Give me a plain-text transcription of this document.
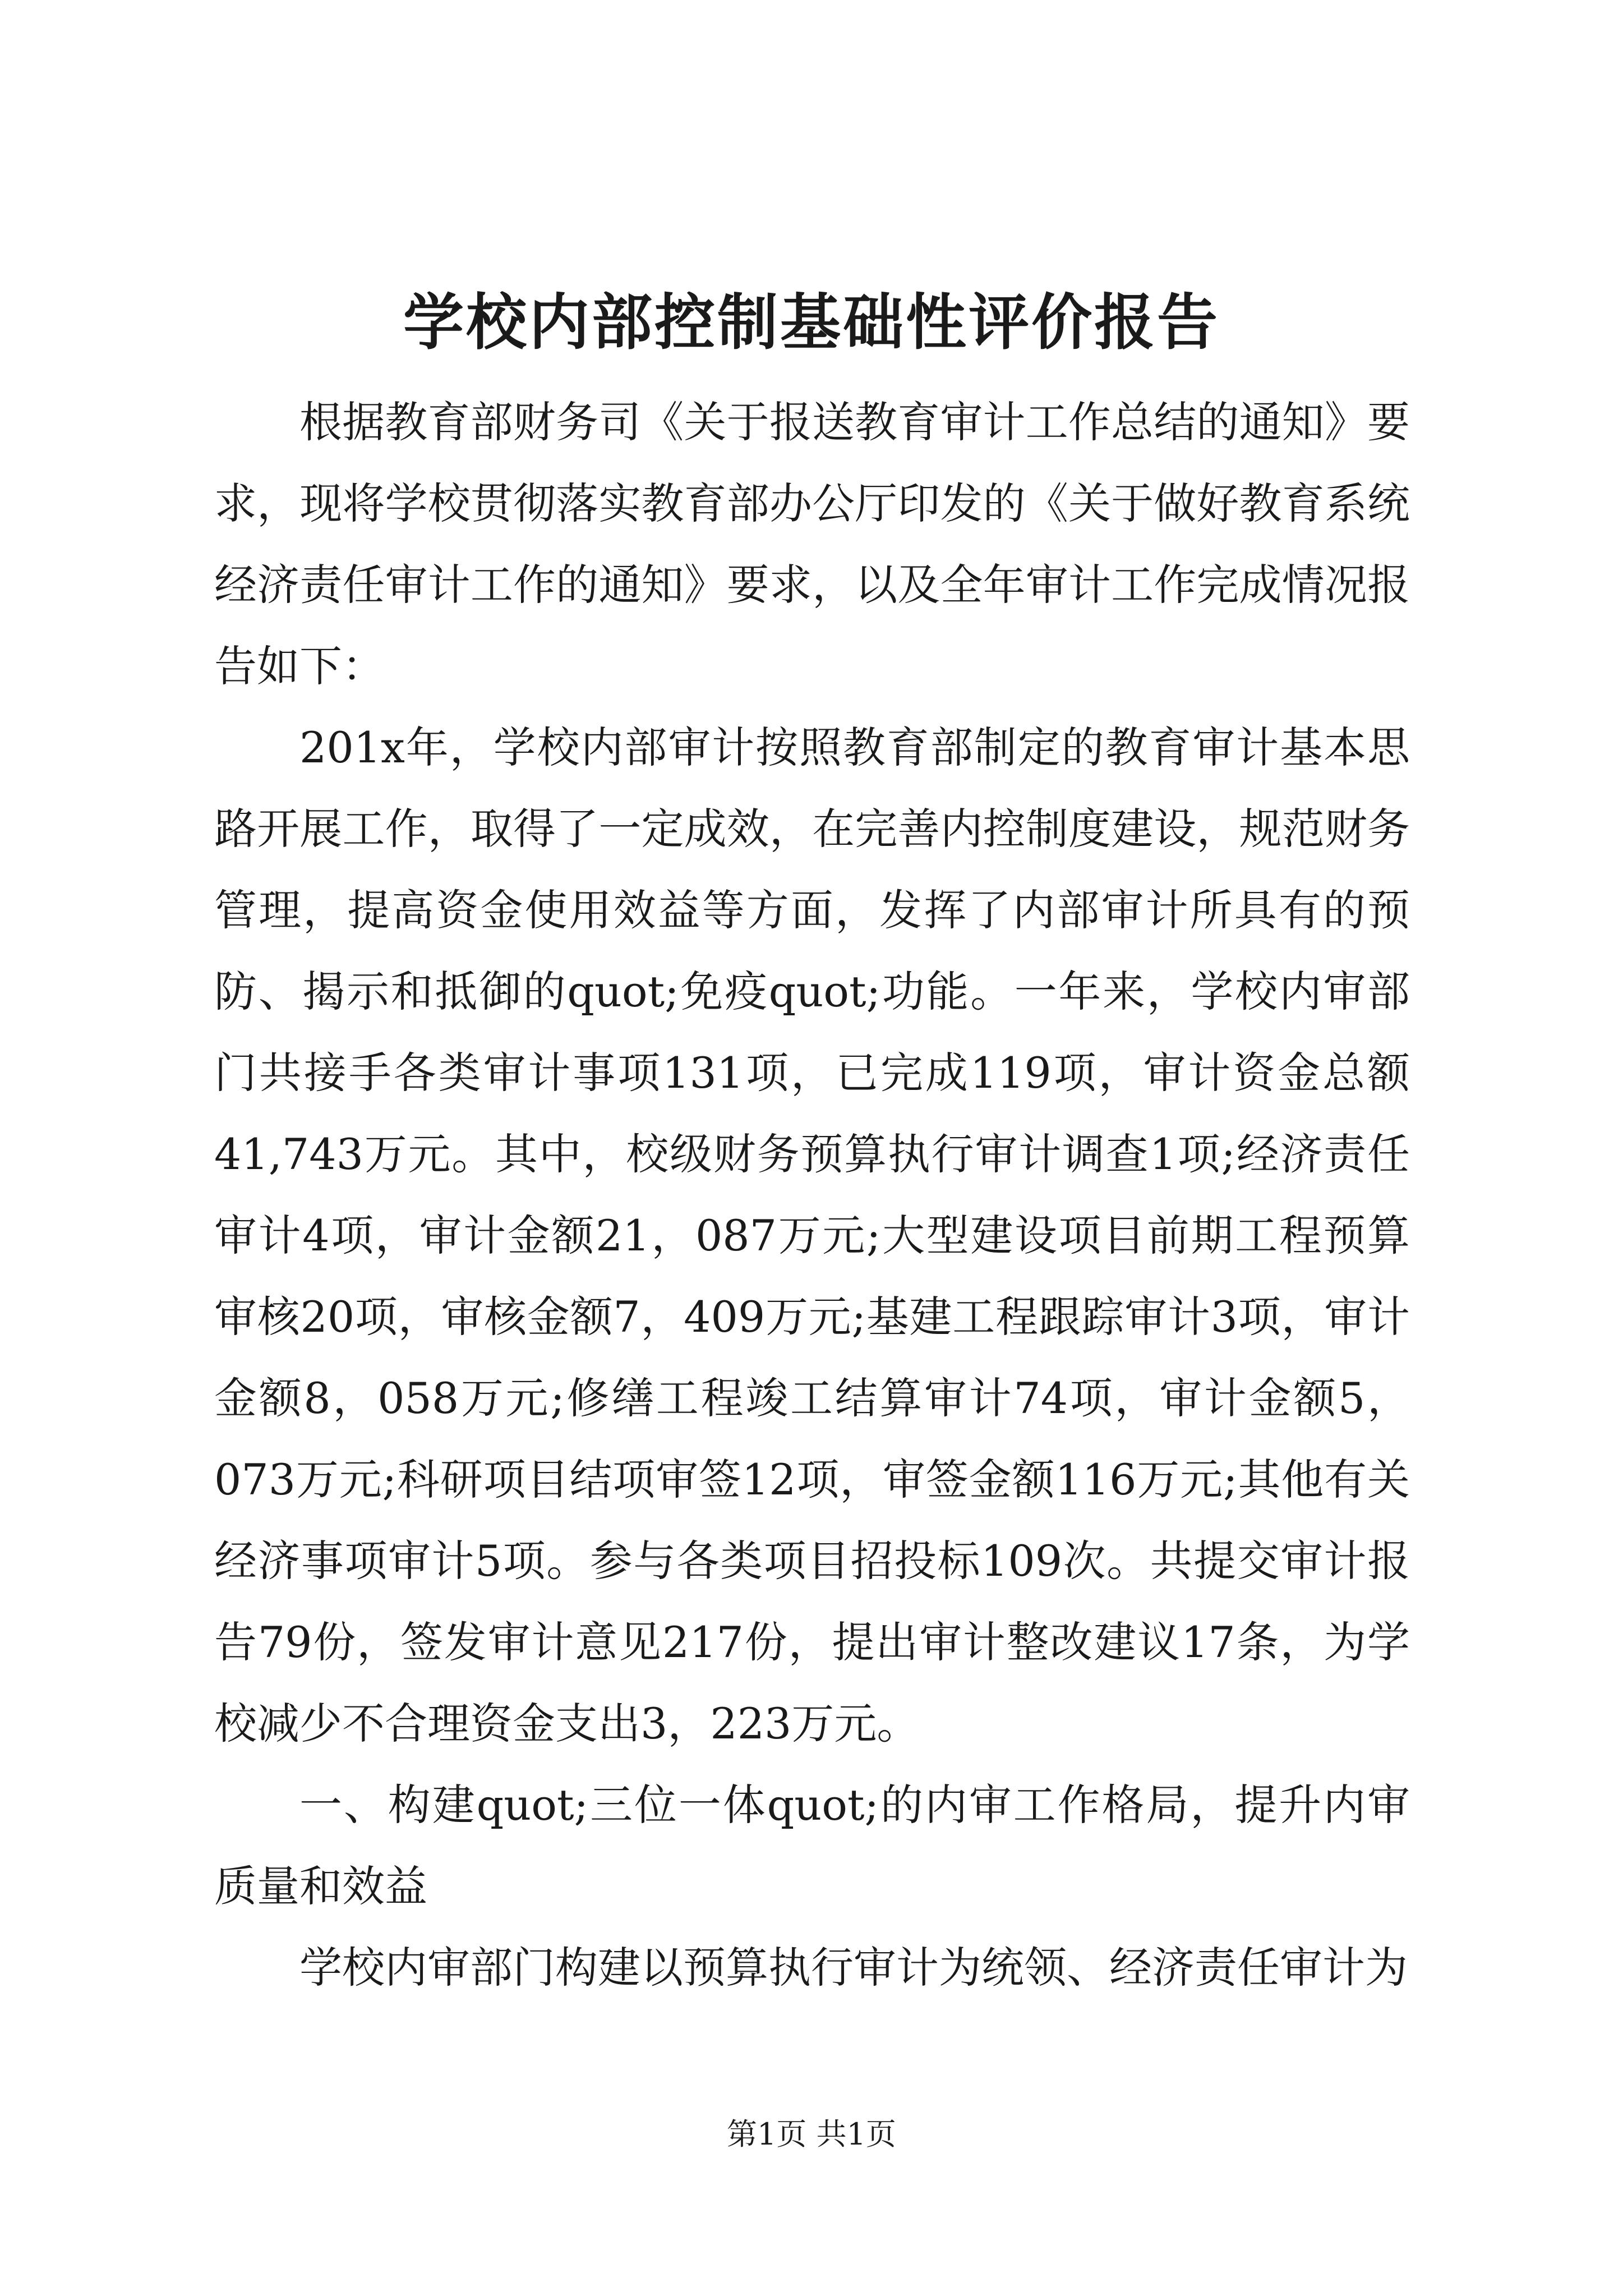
学校内部控制基础性评价报告

根据教育部财务司《关于报送教育审计工作总结的通知》要求，现将学校贯彻落实教育部办公厅印发的《关于做好教育系统经济责任审计工作的通知》要求，以及全年审计工作完成情况报告如下：

201x年，学校内部审计按照教育部制定的教育审计基本思路开展工作，取得了一定成效，在完善内控制度建设，规范财务管理，提高资金使用效益等方面，发挥了内部审计所具有的预防、揭示和抵御的quot;免疫quot;功能。一年来，学校内审部门共接手各类审计事项131项，已完成119项，审计资金总额41,743万元。其中，校级财务预算执行审计调查1项;经济责任审计4项，审计金额21，087万元;大型建设项目前期工程预算审核20项，审核金额7，409万元;基建工程跟踪审计3项，审计金额8，058万元;修缮工程竣工结算审计74项，审计金额5，073万元;科研项目结项审签12项，审签金额116万元;其他有关经济事项审计5项。参与各类项目招投标109次。共提交审计报告79份，签发审计意见217份，提出审计整改建议17条，为学校减少不合理资金支出3，223万元。

一、构建quot;三位一体quot;的内审工作格局，提升内审质量和效益

学校内审部门构建以预算执行审计为统领、经济责任审计为

第1页 共1页
